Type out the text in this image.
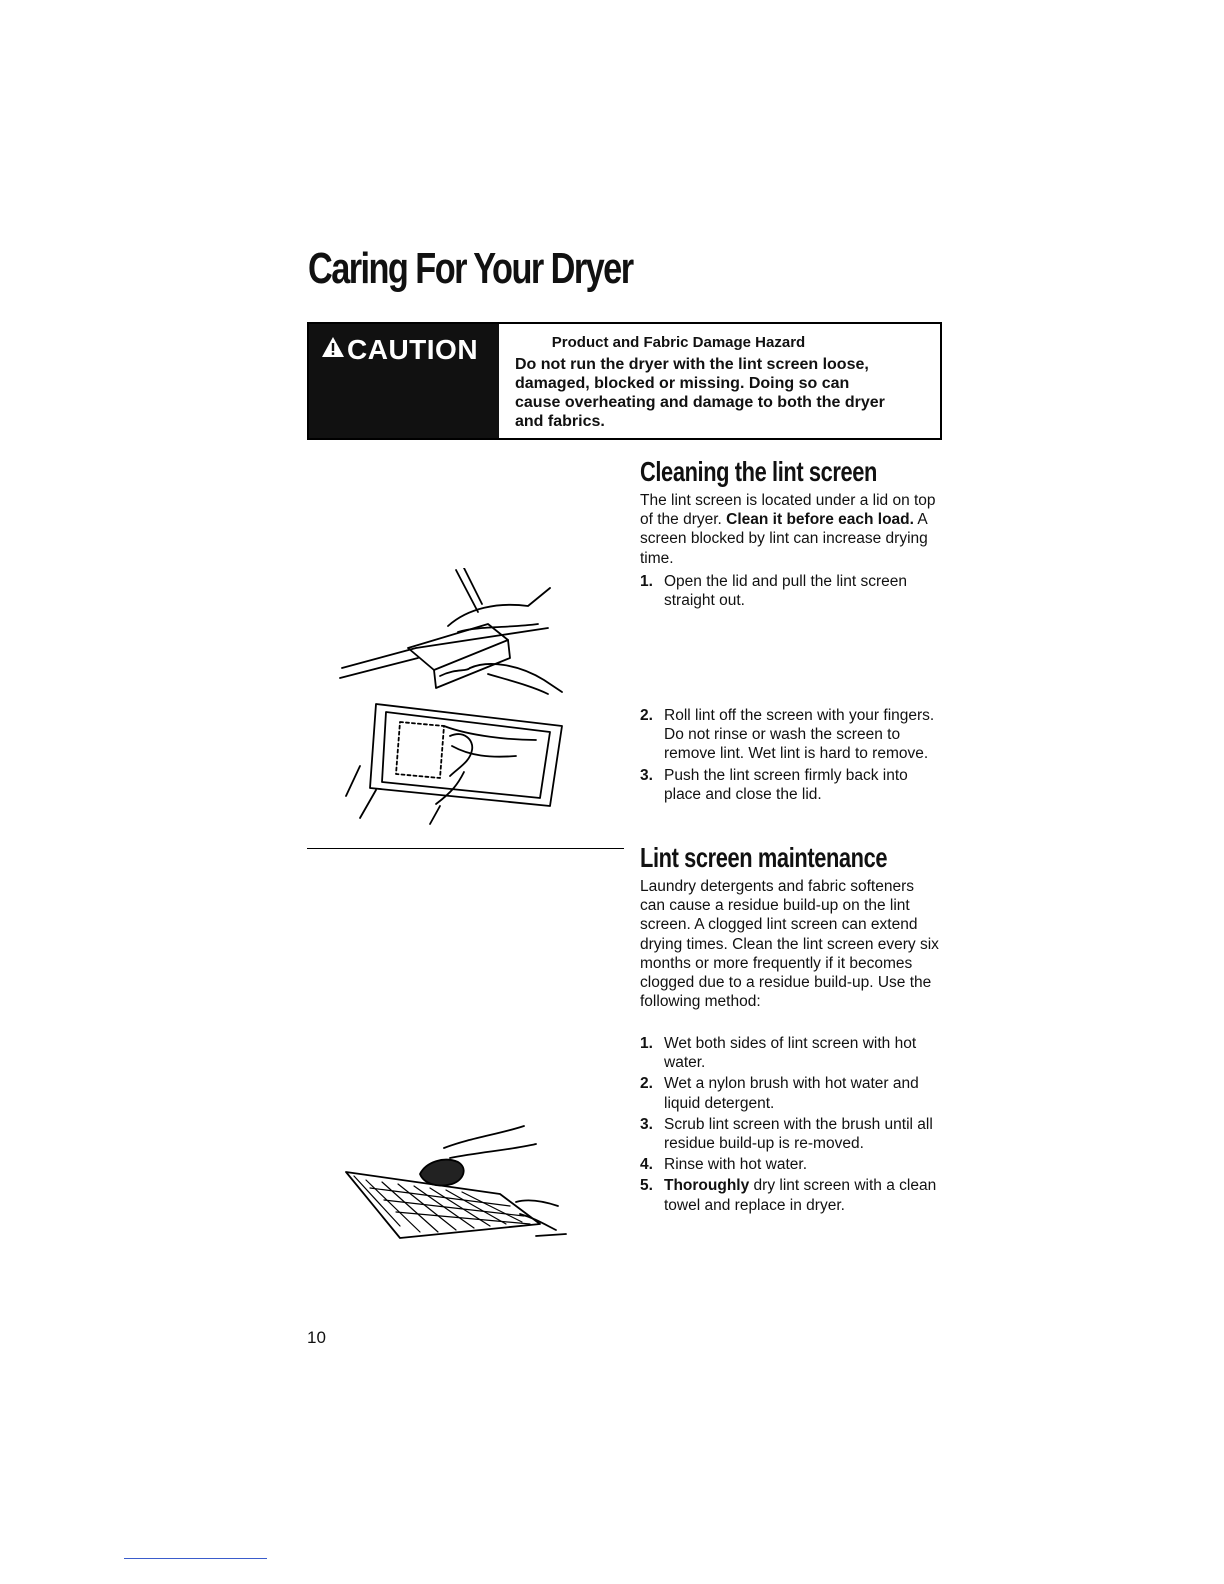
Caring For Your Dryer
CAUTION	Product and Fabric Damage Hazard

Do not run the dryer with the lint screen loose, damaged, blocked or missing. Doing so can cause overheating and damage to both the dryer and fabrics.

Cleaning the lint screen

The lint screen is located under a lid on top of the dryer. Clean it before each load. A screen blocked by lint can increase drying time.

1. Open the lid and pull the lint screen straight out.
2. Roll lint off the screen with your fingers. Do not rinse or wash the screen to remove lint. Wet lint is hard to remove.
3. Push the lint screen firmly back into place and close the lid.
Lint screen maintenance

Laundry detergents and fabric softeners can cause a residue build-up on the lint screen. A clogged lint screen can extend drying times. Clean the lint screen every six months or more frequently if it becomes clogged due to a residue build-up. Use the following method:

1. Wet both sides of lint screen with hot water.
2. Wet a nylon brush with hot water and liquid detergent.
3. Scrub lint screen with the brush until all residue build-up is re-moved.
4. Rinse with hot water.
5. Thoroughly dry lint screen with a clean towel and replace in dryer.
10
